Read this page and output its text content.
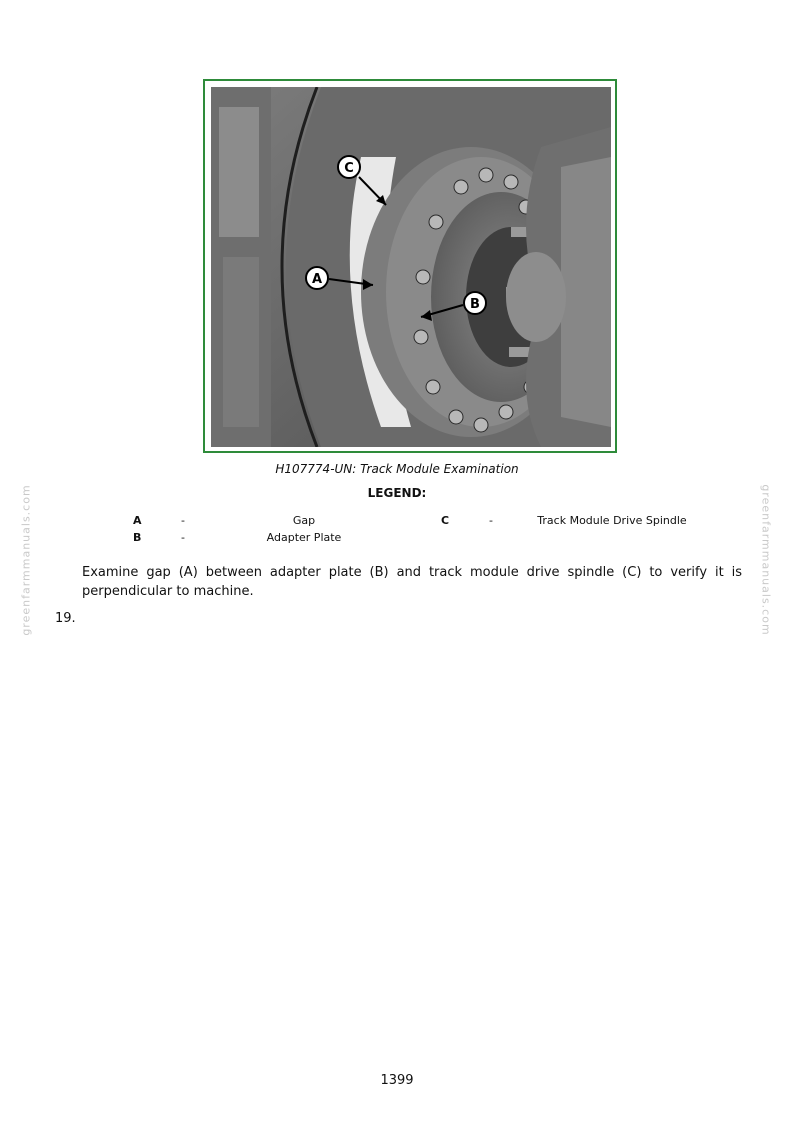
greenfarmmanuals.com	greenfarmmanuals.com
C
A
B
H107774-UN: Track Module Examination
LEGEND:
A	-	Gap
B	-	Adapter Plate
C	-	Track Module Drive Spindle
Examine gap (A) between adapter plate (B) and track module drive spindle (C) to verify it is perpendicular to machine.
19.
1399
